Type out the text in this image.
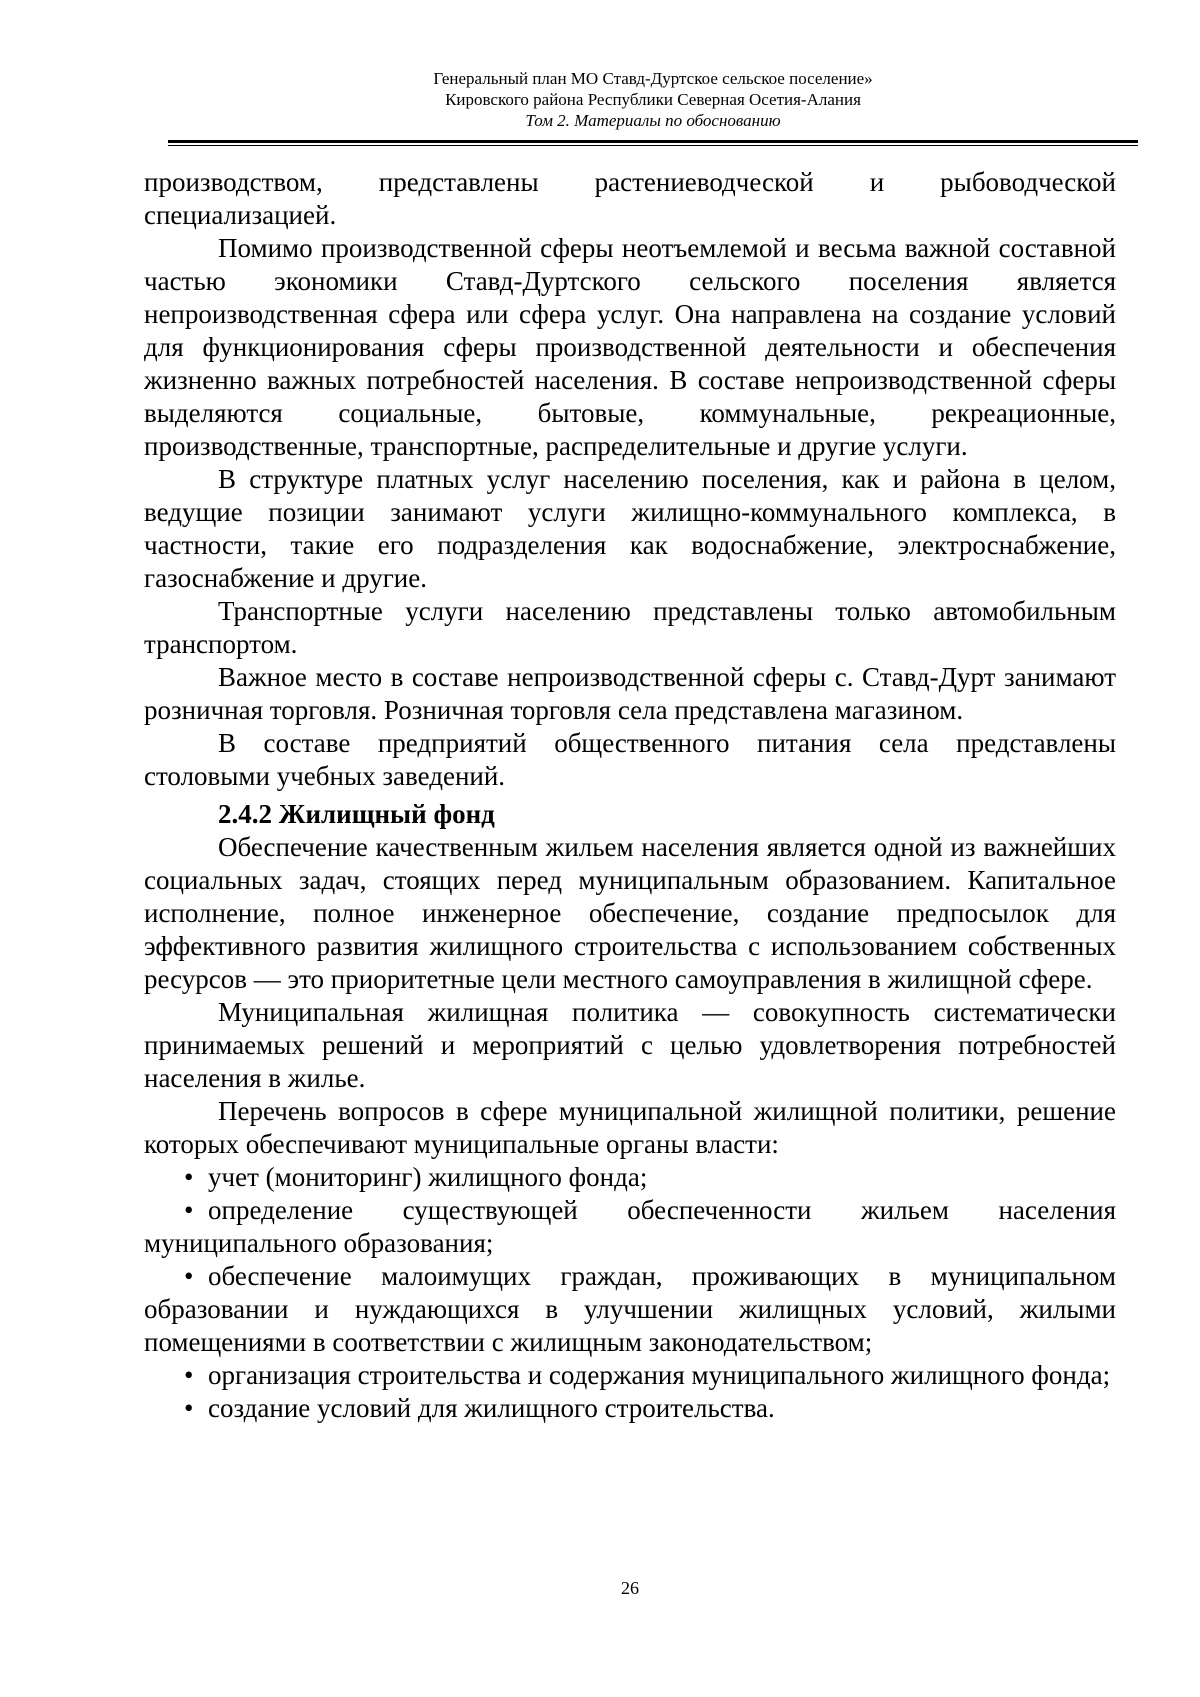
Генеральный план МО Ставд-Дуртское сельское поселение»
Кировского района Республики Северная Осетия-Алания
Том 2. Материалы по обоснованию

производством, представлены растениеводческой и рыбоводческой специализацией.

Помимо производственной сферы неотъемлемой и весьма важной составной частью экономики Ставд-Дуртского сельского поселения является непроизводственная сфера или сфера услуг. Она направлена на создание условий для функционирования сферы производственной деятельности и обеспечения жизненно важных потребностей населения. В составе непроизводственной сферы выделяются социальные, бытовые, коммунальные, рекреационные, производственные, транспортные, распределительные и другие услуги.

В структуре платных услуг населению поселения, как и района в целом, ведущие позиции занимают услуги жилищно-коммунального комплекса, в частности, такие его подразделения как водоснабжение, электроснабжение, газоснабжение и другие.

Транспортные услуги населению представлены только автомобильным транспортом.

Важное место в составе непроизводственной сферы с. Ставд-Дурт занимают розничная торговля. Розничная торговля села представлена магазином.

В составе предприятий общественного питания села представлены столовыми учебных заведений.

2.4.2 Жилищный фонд

Обеспечение качественным жильем населения является одной из важнейших социальных задач, стоящих перед муниципальным образованием. Капитальное исполнение, полное инженерное обеспечение, создание предпосылок для эффективного развития жилищного строительства с использованием собственных ресурсов — это приоритетные цели местного самоуправления в жилищной сфере.

Муниципальная жилищная политика — совокупность систематически принимаемых решений и мероприятий с целью удовлетворения потребностей населения в жилье.

Перечень вопросов в сфере муниципальной жилищной политики, решение которых обеспечивают муниципальные органы власти:

• учет (мониторинг) жилищного фонда;

• определение существующей обеспеченности жильем населения муниципального образования;

• обеспечение малоимущих граждан, проживающих в муниципальном образовании и нуждающихся в улучшении жилищных условий, жилыми помещениями в соответствии с жилищным законодательством;

• организация строительства и содержания муниципального жилищного фонда;

• создание условий для жилищного строительства.

26
